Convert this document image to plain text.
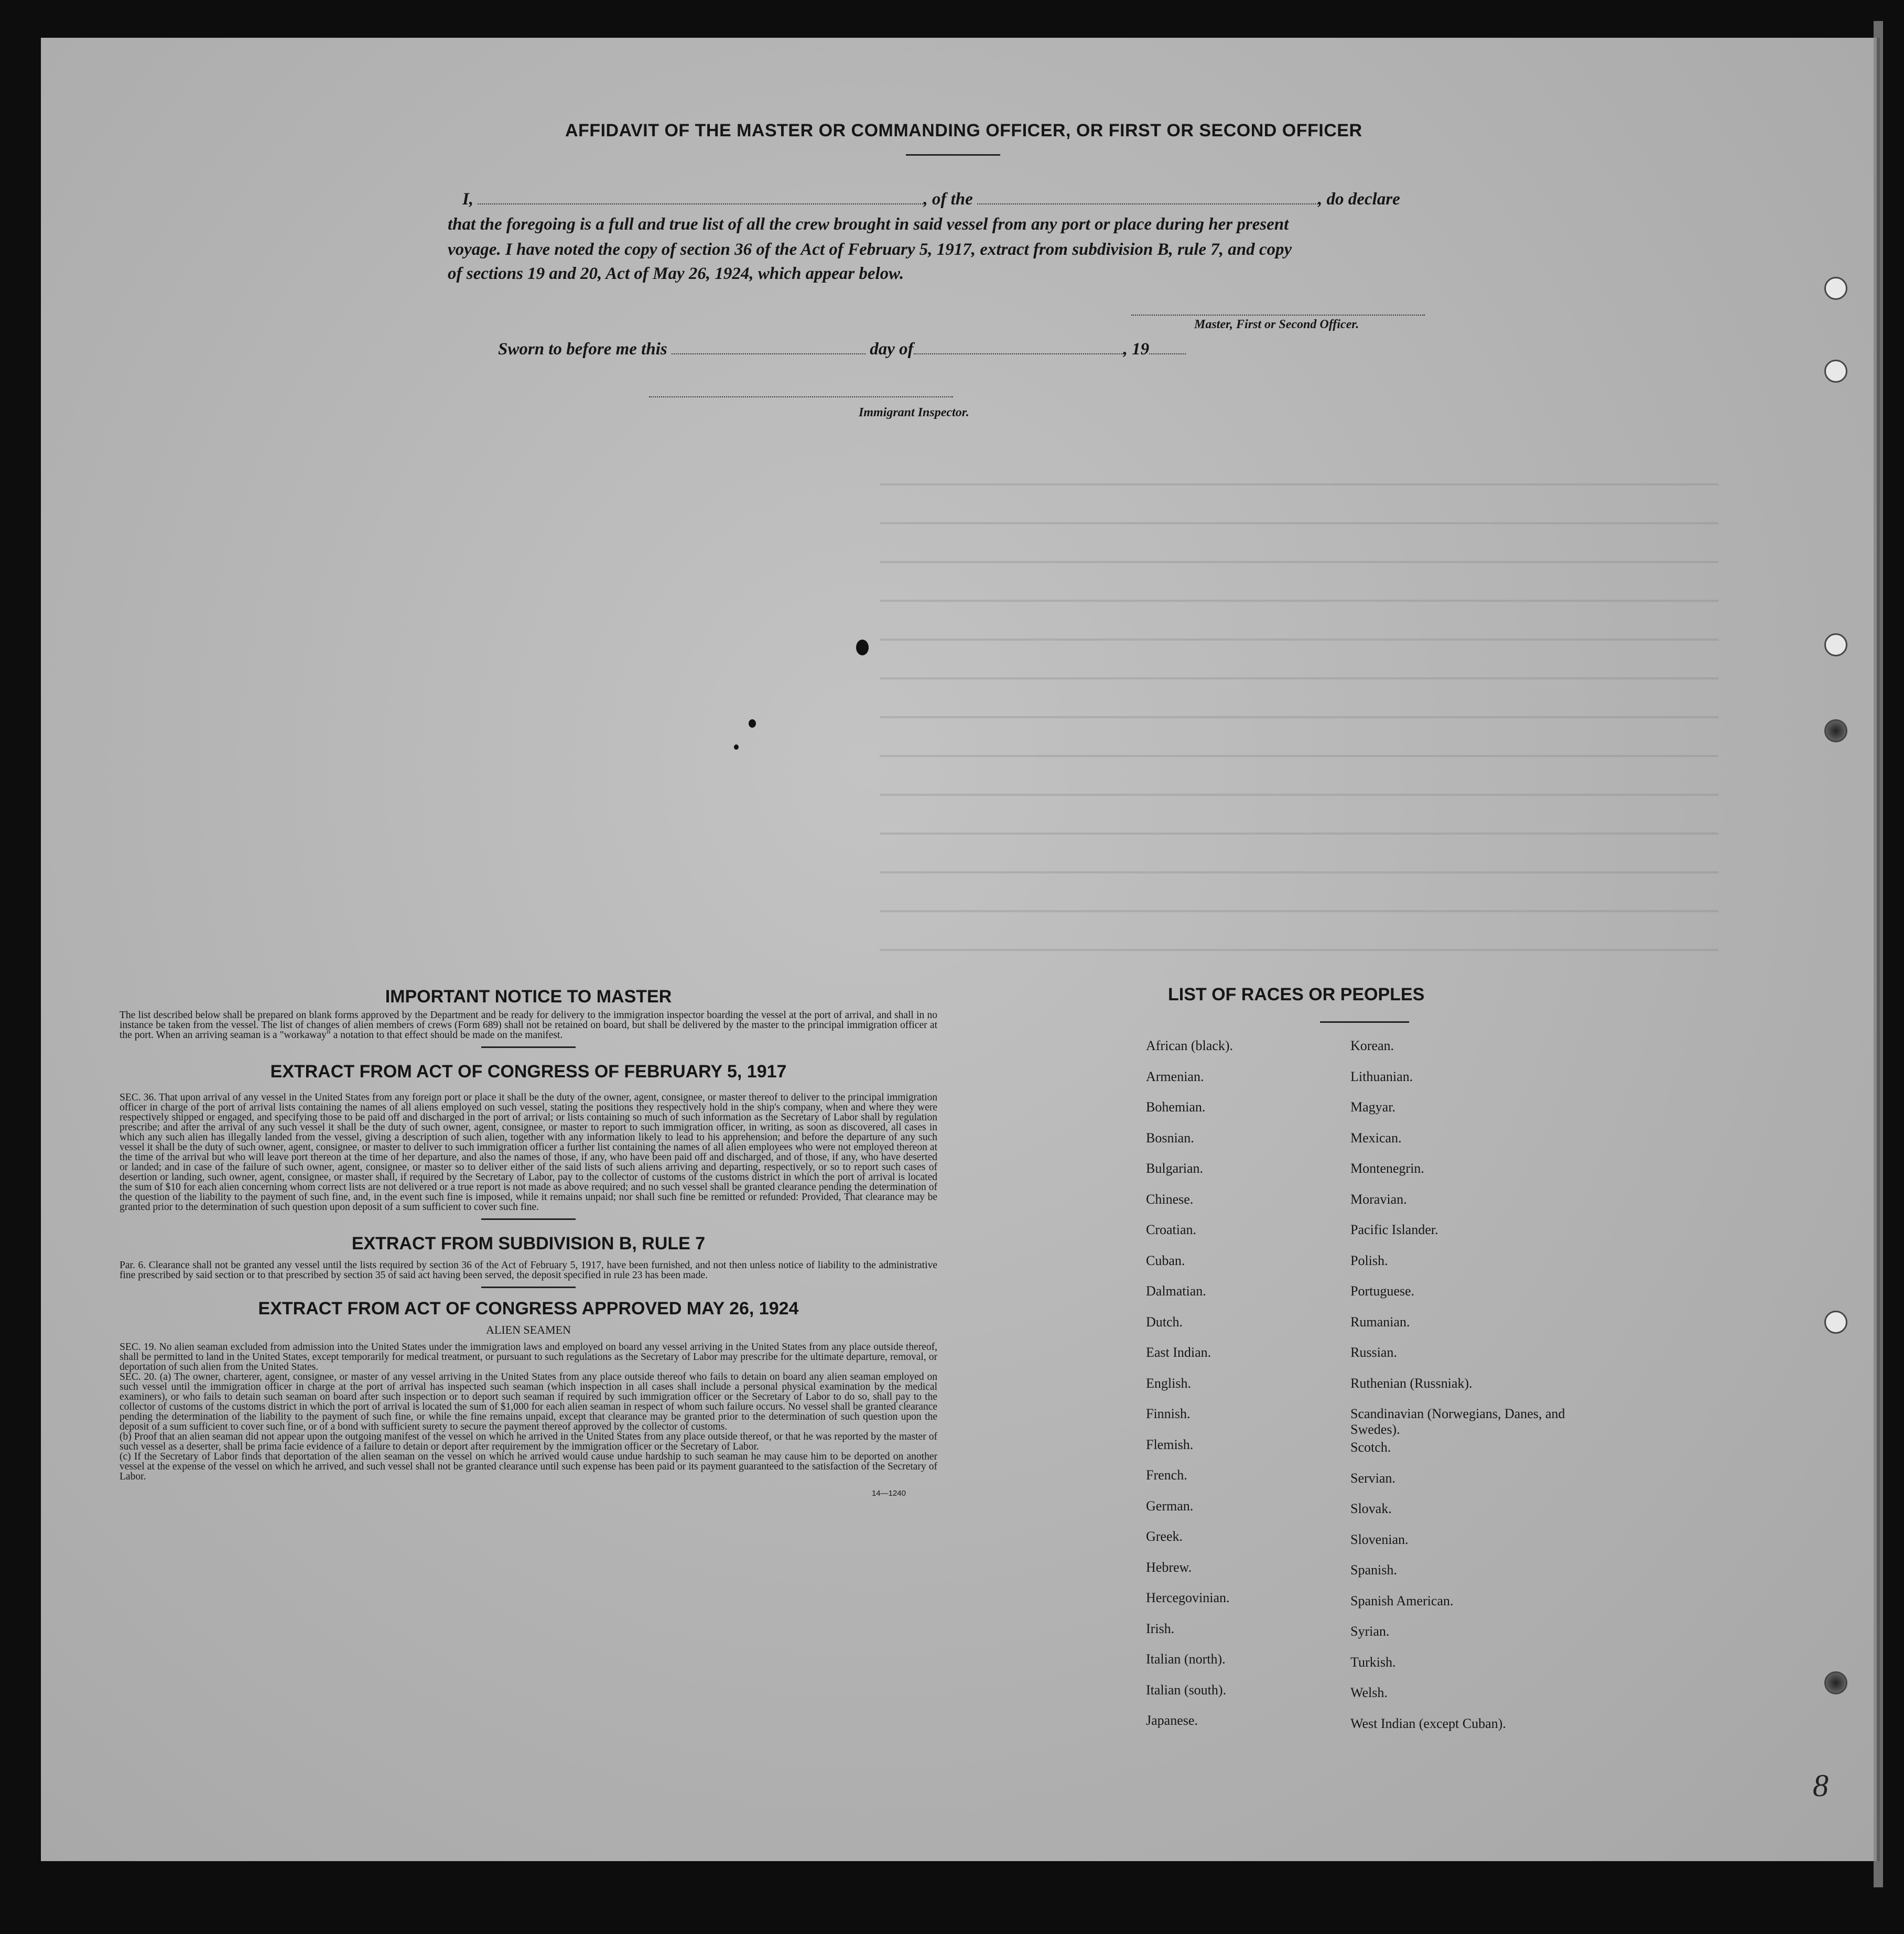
AFFIDAVIT OF THE MASTER OR COMMANDING OFFICER, OR FIRST OR SECOND OFFICER
I,	, of the	, do declare
that the foregoing is a full and true list of all the crew brought in said vessel from any port or place during her present
voyage. I have noted the copy of section 36 of the Act of February 5, 1917, extract from subdivision B, rule 7, and copy
of sections 19 and 20, Act of May 26, 1924, which appear below.
Master, First or Second Officer.
Sworn to before me this	day of	, 19
Immigrant Inspector.
IMPORTANT NOTICE TO MASTER
The list described below shall be prepared on blank forms approved by the Department and be ready for delivery to the immigration inspector boarding the vessel at the port of arrival, and shall in no instance be taken from the vessel. The list of changes of alien members of crews (Form 689) shall not be retained on board, but shall be delivered by the master to the principal immigration officer at the port. When an arriving seaman is a "workaway" a notation to that effect should be made on the manifest.
EXTRACT FROM ACT OF CONGRESS OF FEBRUARY 5, 1917
SEC. 36. That upon arrival of any vessel in the United States from any foreign port or place it shall be the duty of the owner, agent, consignee, or master thereof to deliver to the principal immigration officer in charge of the port of arrival lists containing the names of all aliens employed on such vessel, stating the positions they respectively hold in the ship's company, when and where they were respectively shipped or engaged, and specifying those to be paid off and discharged in the port of arrival; or lists containing so much of such information as the Secretary of Labor shall by regulation prescribe; and after the arrival of any such vessel it shall be the duty of such owner, agent, consignee, or master to report to such immigration officer, in writing, as soon as discovered, all cases in which any such alien has illegally landed from the vessel, giving a description of such alien, together with any information likely to lead to his apprehension; and before the departure of any such vessel it shall be the duty of such owner, agent, consignee, or master to deliver to such immigration officer a further list containing the names of all alien employees who were not employed thereon at the time of the arrival but who will leave port thereon at the time of her departure, and also the names of those, if any, who have been paid off and discharged, and of those, if any, who have deserted or landed; and in case of the failure of such owner, agent, consignee, or master so to deliver either of the said lists of such aliens arriving and departing, respectively, or so to report such cases of desertion or landing, such owner, agent, consignee, or master shall, if required by the Secretary of Labor, pay to the collector of customs of the customs district in which the port of arrival is located the sum of $10 for each alien concerning whom correct lists are not delivered or a true report is not made as above required; and no such vessel shall be granted clearance pending the determination of the question of the liability to the payment of such fine, and, in the event such fine is imposed, while it remains unpaid; nor shall such fine be remitted or refunded: Provided, That clearance may be granted prior to the determination of such question upon deposit of a sum sufficient to cover such fine.
EXTRACT FROM SUBDIVISION B, RULE 7
Par. 6. Clearance shall not be granted any vessel until the lists required by section 36 of the Act of February 5, 1917, have been furnished, and not then unless notice of liability to the administrative fine prescribed by said section or to that prescribed by section 35 of said act having been served, the deposit specified in rule 23 has been made.
EXTRACT FROM ACT OF CONGRESS APPROVED MAY 26, 1924
ALIEN SEAMEN
SEC. 19. No alien seaman excluded from admission into the United States under the immigration laws and employed on board any vessel arriving in the United States from any place outside thereof, shall be permitted to land in the United States, except temporarily for medical treatment, or pursuant to such regulations as the Secretary of Labor may prescribe for the ultimate departure, removal, or deportation of such alien from the United States.
SEC. 20. (a) The owner, charterer, agent, consignee, or master of any vessel arriving in the United States from any place outside thereof who fails to detain on board any alien seaman employed on such vessel until the immigration officer in charge at the port of arrival has inspected such seaman (which inspection in all cases shall include a personal physical examination by the medical examiners), or who fails to detain such seaman on board after such inspection or to deport such seaman if required by such immigration officer or the Secretary of Labor to do so, shall pay to the collector of customs of the customs district in which the port of arrival is located the sum of $1,000 for each alien seaman in respect of whom such failure occurs. No vessel shall be granted clearance pending the determination of the liability to the payment of such fine, or while the fine remains unpaid, except that clearance may be granted prior to the determination of such question upon the deposit of a sum sufficient to cover such fine, or of a bond with sufficient surety to secure the payment thereof approved by the collector of customs.
(b) Proof that an alien seaman did not appear upon the outgoing manifest of the vessel on which he arrived in the United States from any place outside thereof, or that he was reported by the master of such vessel as a deserter, shall be prima facie evidence of a failure to detain or deport after requirement by the immigration officer or the Secretary of Labor.
(c) If the Secretary of Labor finds that deportation of the alien seaman on the vessel on which he arrived would cause undue hardship to such seaman he may cause him to be deported on another vessel at the expense of the vessel on which he arrived, and such vessel shall not be granted clearance until such expense has been paid or its payment guaranteed to the satisfaction of the Secretary of Labor.
14—1240
LIST OF RACES OR PEOPLES
African (black).
Armenian.
Bohemian.
Bosnian.
Bulgarian.
Chinese.
Croatian.
Cuban.
Dalmatian.
Dutch.
East Indian.
English.
Finnish.
Flemish.
French.
German.
Greek.
Hebrew.
Hercegovinian.
Irish.
Italian (north).
Italian (south).
Japanese.
Korean.
Lithuanian.
Magyar.
Mexican.
Montenegrin.
Moravian.
Pacific Islander.
Polish.
Portuguese.
Rumanian.
Russian.
Ruthenian (Russniak).
Scandinavian (Norwegians, Danes, and Swedes).
Scotch.
Servian.
Slovak.
Slovenian.
Spanish.
Spanish American.
Syrian.
Turkish.
Welsh.
West Indian (except Cuban).
8
